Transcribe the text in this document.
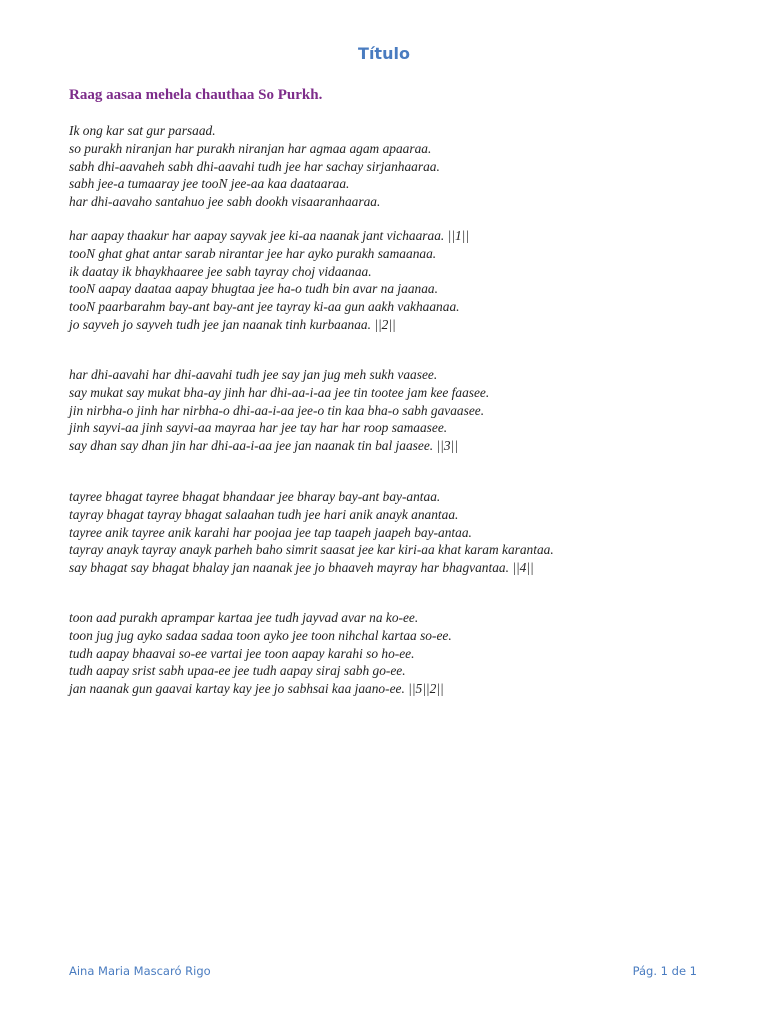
Título
Raag aasaa mehela chauthaa So Purkh.
Ik ong kar sat gur parsaad.
so purakh niranjan har purakh niranjan har agmaa agam apaaraa.
sabh dhi-aavaheh sabh dhi-aavahi tudh jee har sachay sirjanhaaraa.
sabh jee-a tumaaray jee tooN jee-aa kaa daataaraa.
har dhi-aavaho santahuo jee sabh dookh visaaranhaaraa.
har aapay thaakur har aapay sayvak jee ki-aa naanak jant vichaaraa. ||1||
tooN ghat ghat antar sarab nirantar jee har ayko purakh samaanaa.
ik daatay ik bhaykhaaree jee sabh tayray choj vidaanaa.
tooN aapay daataa aapay bhugtaa jee ha-o tudh bin avar na jaanaa.
tooN paarbarahm bay-ant bay-ant jee tayray ki-aa gun aakh vakhaanaa.
jo sayveh jo sayveh tudh jee jan naanak tinh kurbaanaa. ||2||
har dhi-aavahi har dhi-aavahi tudh jee say jan jug meh sukh vaasee.
say mukat say mukat bha-ay jinh har dhi-aa-i-aa jee tin tootee jam kee faasee.
jin nirbha-o jinh har nirbha-o dhi-aa-i-aa jee-o tin kaa bha-o sabh gavaasee.
jinh sayvi-aa jinh sayvi-aa mayraa har jee tay har har roop samaasee.
say dhan say dhan jin har dhi-aa-i-aa jee jan naanak tin bal jaasee. ||3||
tayree bhagat tayree bhagat bhandaar jee bharay bay-ant bay-antaa.
tayray bhagat tayray bhagat salaahan tudh jee hari anik anayk anantaa.
tayree anik tayree anik karahi har poojaa jee tap taapeh jaapeh bay-antaa.
tayray anayk tayray anayk parheh baho simrit saasat jee kar kiri-aa khat karam karantaa.
say bhagat say bhagat bhalay jan naanak jee jo bhaaveh mayray har bhagvantaa. ||4||
toon aad purakh aprampar kartaa jee tudh jayvad avar na ko-ee.
toon jug jug ayko sadaa sadaa toon ayko jee toon nihchal kartaa so-ee.
tudh aapay bhaavai so-ee vartai jee toon aapay karahi so ho-ee.
tudh aapay srist sabh upaa-ee jee tudh aapay siraj sabh go-ee.
jan naanak gun gaavai kartay kay jee jo sabhsai kaa jaano-ee. ||5||2||
Aina Maria Mascaró Rigo	Pág. 1 de 1
